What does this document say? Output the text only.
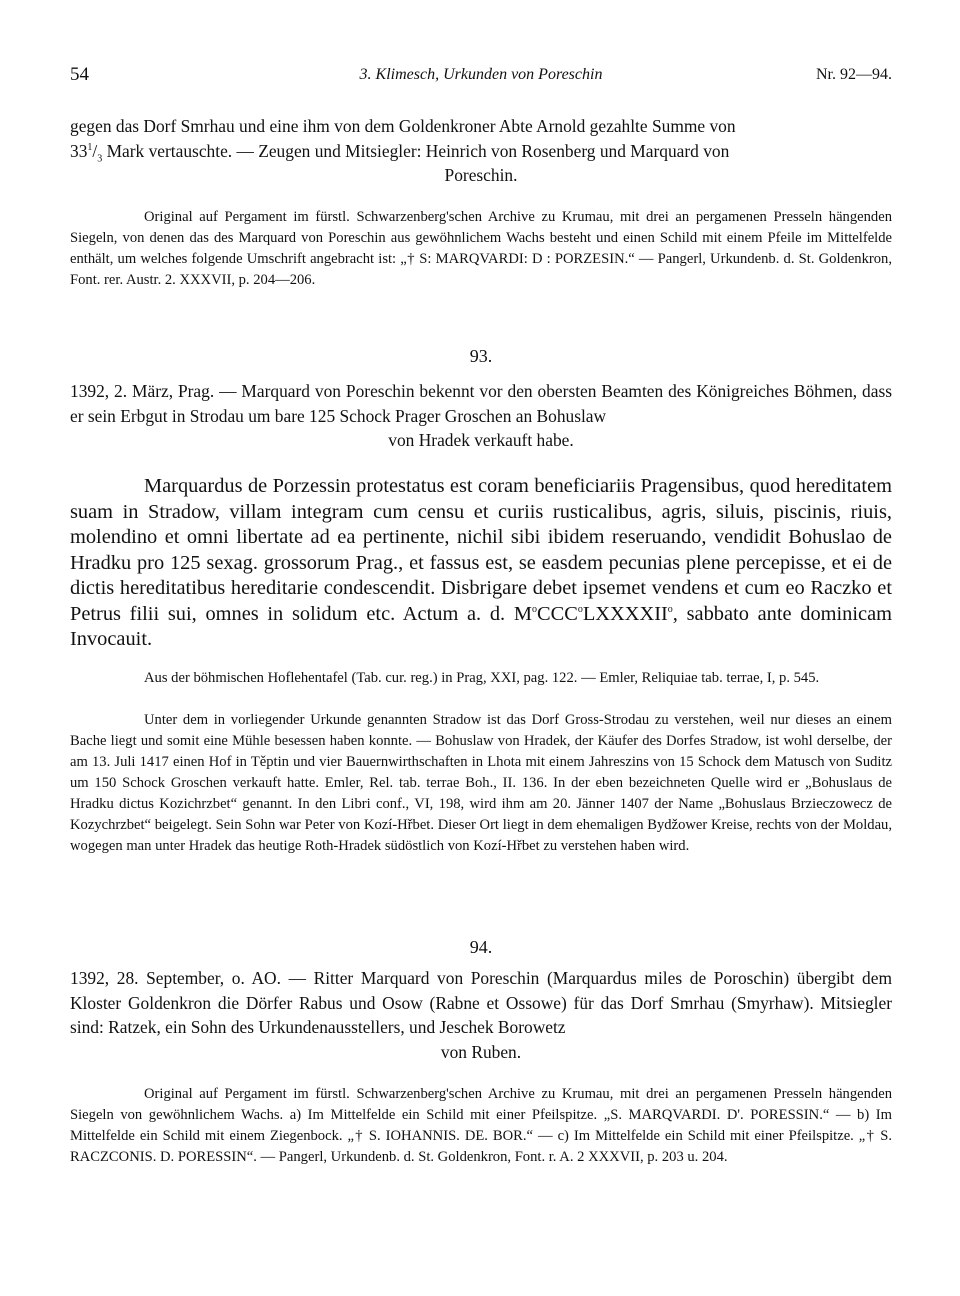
54	3. Klimesch, Urkunden von Poreschin	Nr. 92—94.

gegen das Dorf Smrhau und eine ihm von dem Goldenkroner Abte Arnold gezahlte Summe von

$33^1/_3$ Mark vertauschte. — Zeugen und Mitsiegler: Heinrich von Rosenberg und Marquard von

Poreschin.

Original auf Pergament im fürstl. Schwarzenberg'schen Archive zu Krumau, mit drei an pergamenen Presseln hängenden Siegeln, von denen das des Marquard von Poreschin aus gewöhnlichem Wachs besteht und einen Schild mit einem Pfeile im Mittelfelde enthält, um welches folgende Umschrift angebracht ist: „† S: MARQVARDI: D : PORZESIN.“ — Pangerl, Urkundenb. d. St. Goldenkron, Font. rer. Austr. 2. XXXVII, p. 204—206.
93.

1392, 2. März, Prag. — Marquard von Poreschin bekennt vor den obersten Beamten des Königreiches Böhmen, dass er sein Erbgut in Strodau um bare 125 Schock Prager Groschen an Bohuslaw

von Hradek verkauft habe.

Marquardus de Porzessin protestatus est coram beneficiariis Pragensibus, quod hereditatem suam in Stradow, villam integram cum censu et curiis rusticalibus, agris, siluis, piscinis, riuis, molendino et omni libertate ad ea pertinente, nichil sibi ibidem reseruando, vendidit Bohuslao de Hradku pro 125 sexag. grossorum Prag., et fassus est, se easdem pecunias plene percepisse, et ei de dictis hereditatibus hereditarie condescendit. Disbrigare debet ipsemet vendens et cum eo Raczko et Petrus filii sui, omnes in solidum etc. Actum a. d. $M^oCCC^oLXXXXII^o$, sabbato ante dominicam Invocauit.
Aus der böhmischen Hoflehentafel (Tab. cur. reg.) in Prag, XXI, pag. 122. — Emler, Reliquiae tab. terrae, I, p. 545.
Unter dem in vorliegender Urkunde genannten Stradow ist das Dorf Gross-Strodau zu verstehen, weil nur dieses an einem Bache liegt und somit eine Mühle besessen haben konnte. — Bohuslaw von Hradek, der Käufer des Dorfes Stradow, ist wohl derselbe, der am 13. Juli 1417 einen Hof in Těptin und vier Bauernwirthschaften in Lhota mit einem Jahreszins von 15 Schock dem Matusch von Suditz um 150 Schock Groschen verkauft hatte. Emler, Rel. tab. terrae Boh., II. 136. In der eben bezeichneten Quelle wird er „Bohuslaus de Hradku dictus Kozichrzbet“ genannt. In den Libri conf., VI, 198, wird ihm am 20. Jänner 1407 der Name „Bohuslaus Brzieczowecz de Kozychrzbet“ beigelegt. Sein Sohn war Peter von Kozí-Hřbet. Dieser Ort liegt in dem ehemaligen Bydžower Kreise, rechts von der Moldau, wogegen man unter Hradek das heutige Roth-Hradek südöstlich von Kozí-Hřbet zu verstehen haben wird.
94.

1392, 28. September, o. AO. — Ritter Marquard von Poreschin (Marquardus miles de Poroschin) übergibt dem Kloster Goldenkron die Dörfer Rabus und Osow (Rabne et Ossowe) für das Dorf Smrhau (Smyrhaw). Mitsiegler sind: Ratzek, ein Sohn des Urkundenausstellers, und Jeschek Borowetz

von Ruben.

Original auf Pergament im fürstl. Schwarzenberg'schen Archive zu Krumau, mit drei an pergamenen Presseln hängenden Siegeln von gewöhnlichem Wachs. a) Im Mittelfelde ein Schild mit einer Pfeilspitze. „S. MARQVARDI. D'. PORESSIN.“ — b) Im Mittelfelde ein Schild mit einem Ziegenbock. „† S. IOHANNIS. DE. BOR.“ — c) Im Mittelfelde ein Schild mit einer Pfeilspitze. „† S. RACZCONIS. D. PORESSIN“. — Pangerl, Urkundenb. d. St. Goldenkron, Font. r. A. 2 XXXVII, p. 203 u. 204.
